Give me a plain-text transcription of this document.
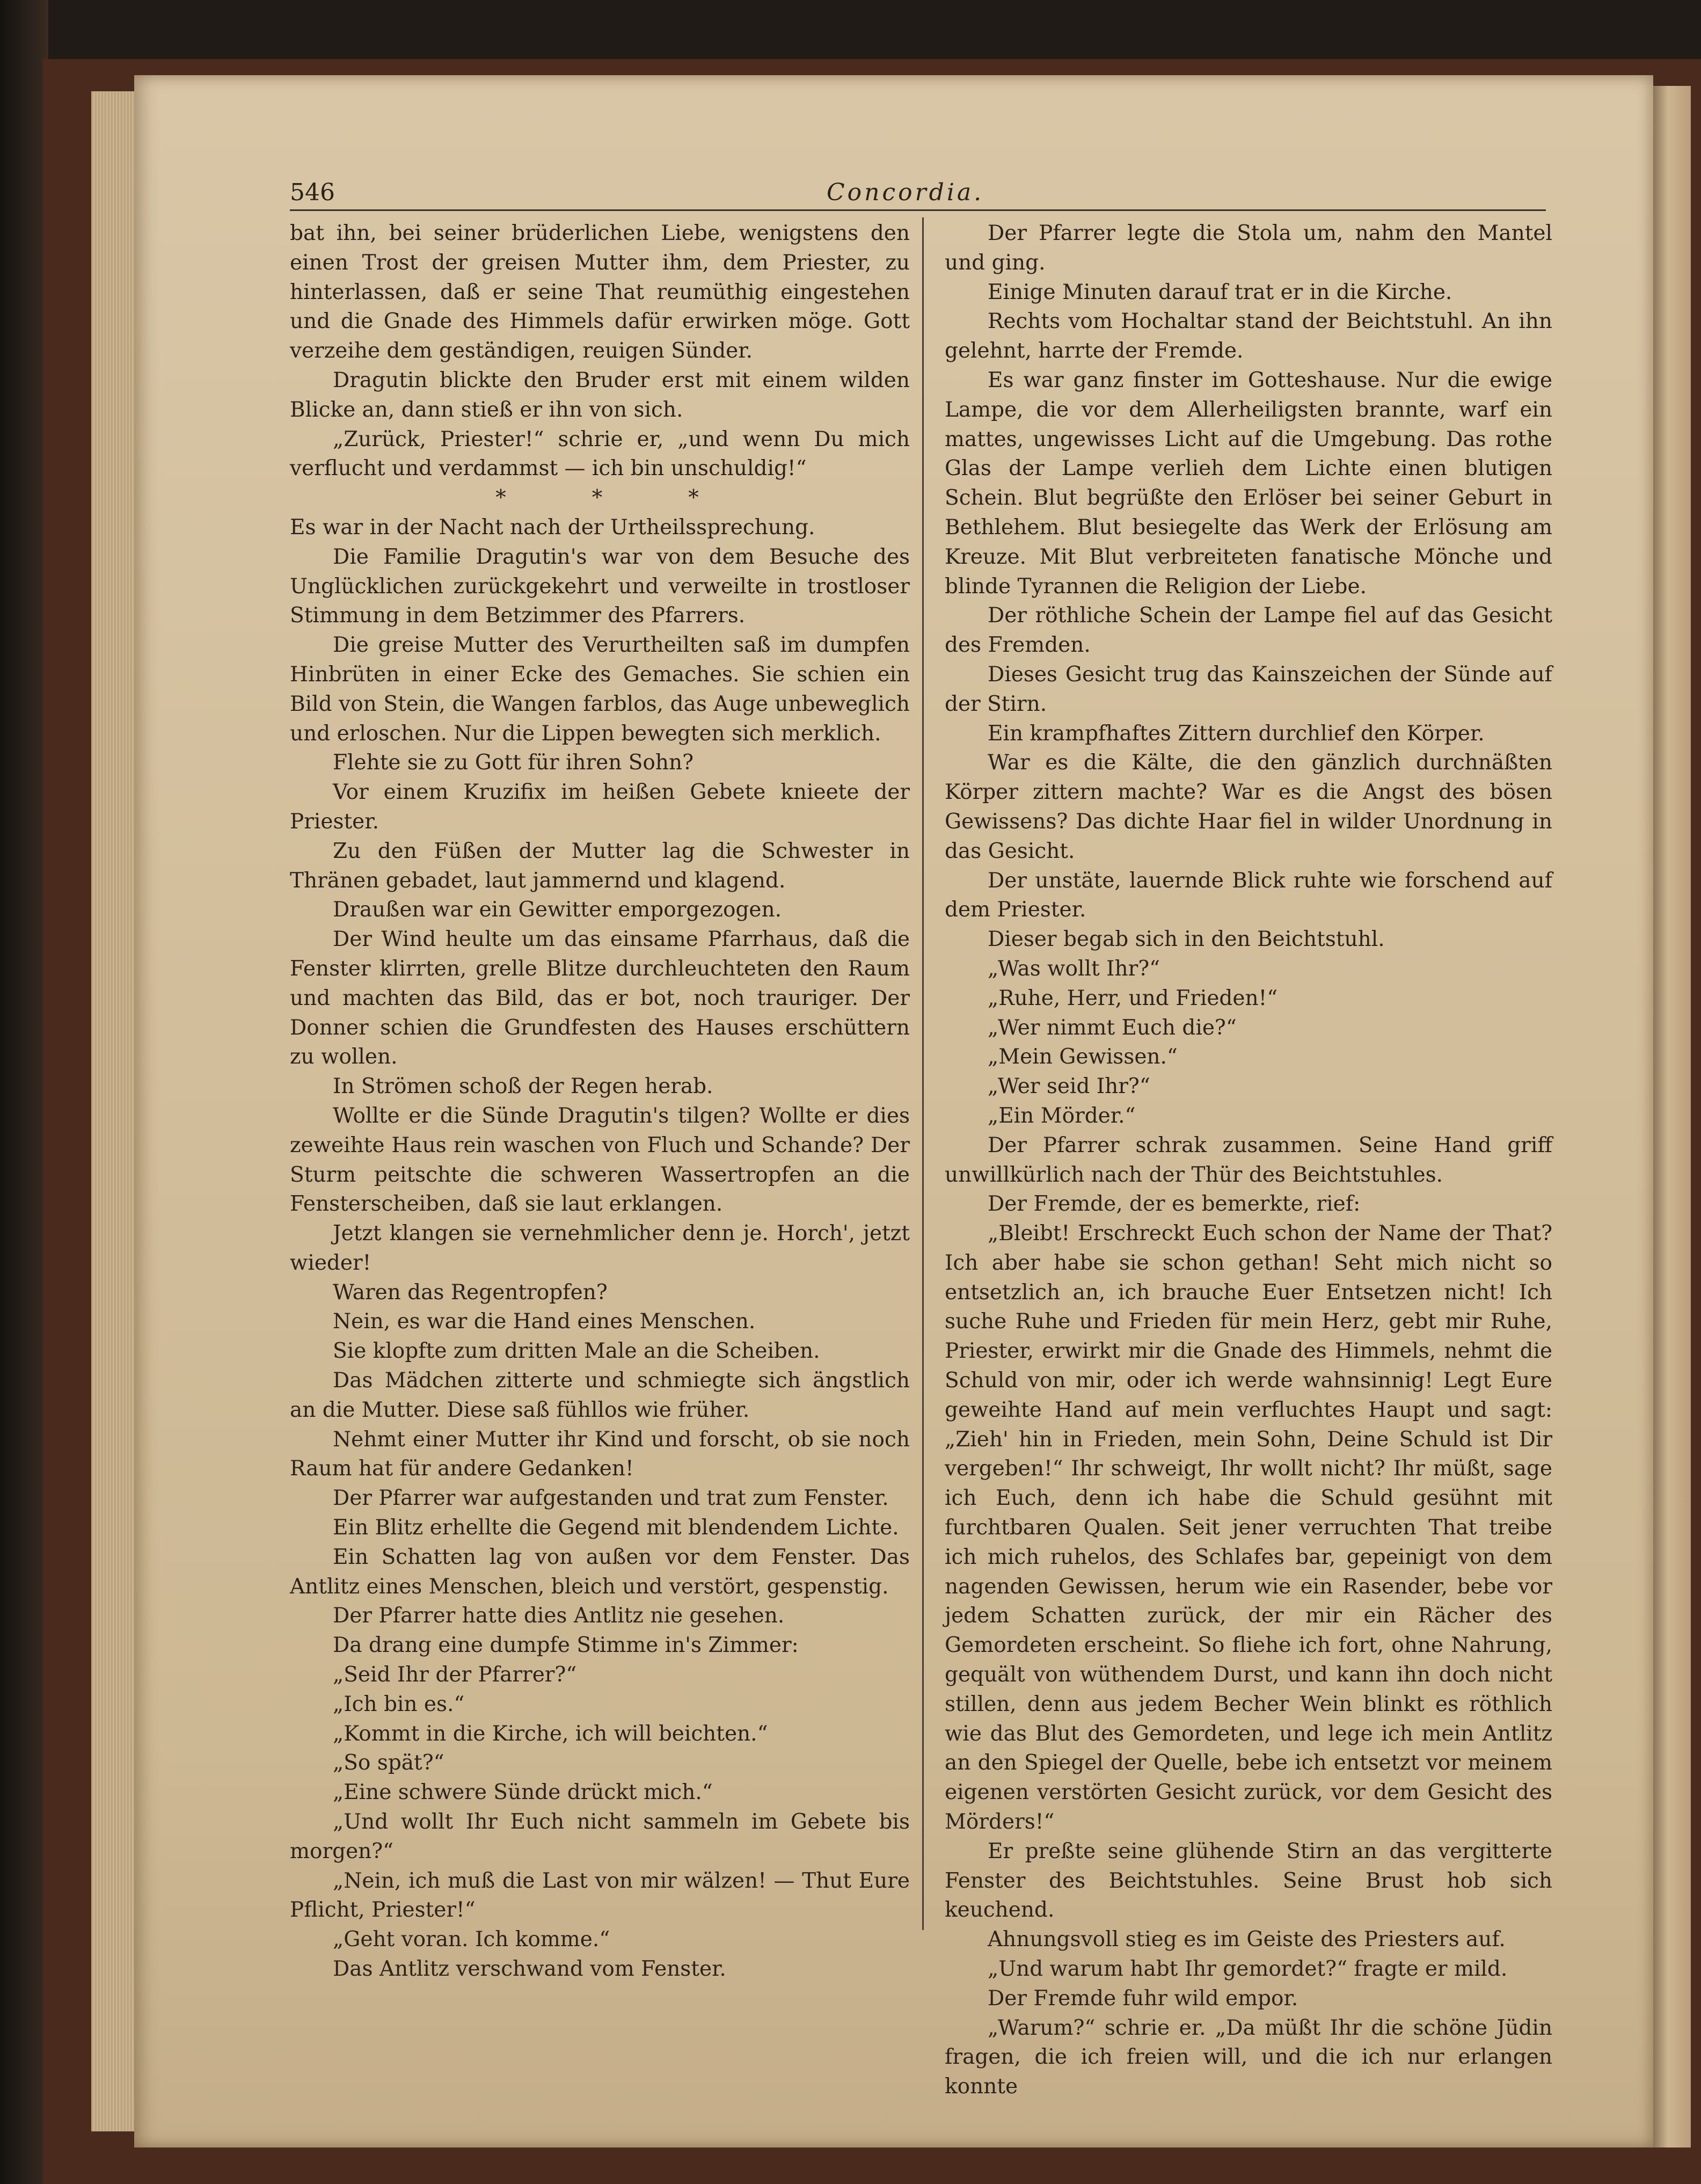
546	Concordia.

bat ihn, bei seiner brüderlichen Liebe, wenigstens den einen Trost der greisen Mutter ihm, dem Priester, zu hinterlassen, daß er seine That reumüthig eingestehen und die Gnade des Himmels dafür erwirken möge. Gott verzeihe dem geständigen, reuigen Sünder.

Dragutin blickte den Bruder erst mit einem wilden Blicke an, dann stieß er ihn von sich.

„Zurück, Priester!“ schrie er, „und wenn Du mich verflucht und verdammst — ich bin unschuldig!“

***

Es war in der Nacht nach der Urtheilssprechung.

Die Familie Dragutin's war von dem Besuche des Unglücklichen zurückgekehrt und verweilte in trostloser Stimmung in dem Betzimmer des Pfarrers.

Die greise Mutter des Verurtheilten saß im dumpfen Hinbrüten in einer Ecke des Gemaches. Sie schien ein Bild von Stein, die Wangen farblos, das Auge unbeweglich und erloschen. Nur die Lippen bewegten sich merklich.

Flehte sie zu Gott für ihren Sohn?

Vor einem Kruzifix im heißen Gebete knieete der Priester.

Zu den Füßen der Mutter lag die Schwester in Thränen gebadet, laut jammernd und klagend.

Draußen war ein Gewitter emporgezogen.

Der Wind heulte um das einsame Pfarrhaus, daß die Fenster klirrten, grelle Blitze durchleuchteten den Raum und machten das Bild, das er bot, noch trauriger. Der Donner schien die Grundfesten des Hauses erschüttern zu wollen.

In Strömen schoß der Regen herab.

Wollte er die Sünde Dragutin's tilgen? Wollte er dies zeweihte Haus rein waschen von Fluch und Schande? Der Sturm peitschte die schweren Wassertropfen an die Fensterscheiben, daß sie laut erklangen.

Jetzt klangen sie vernehmlicher denn je. Horch', jetzt wieder!

Waren das Regentropfen?

Nein, es war die Hand eines Menschen.

Sie klopfte zum dritten Male an die Scheiben.

Das Mädchen zitterte und schmiegte sich ängstlich an die Mutter. Diese saß fühllos wie früher.

Nehmt einer Mutter ihr Kind und forscht, ob sie noch Raum hat für andere Gedanken!

Der Pfarrer war aufgestanden und trat zum Fenster.

Ein Blitz erhellte die Gegend mit blendendem Lichte.

Ein Schatten lag von außen vor dem Fenster. Das Antlitz eines Menschen, bleich und verstört, gespenstig.

Der Pfarrer hatte dies Antlitz nie gesehen.

Da drang eine dumpfe Stimme in's Zimmer:

„Seid Ihr der Pfarrer?“

„Ich bin es.“

„Kommt in die Kirche, ich will beichten.“

„So spät?“

„Eine schwere Sünde drückt mich.“

„Und wollt Ihr Euch nicht sammeln im Gebete bis morgen?“

„Nein, ich muß die Last von mir wälzen! — Thut Eure Pflicht, Priester!“

„Geht voran. Ich komme.“

Das Antlitz verschwand vom Fenster.

Der Pfarrer legte die Stola um, nahm den Mantel und ging.

Einige Minuten darauf trat er in die Kirche.

Rechts vom Hochaltar stand der Beichtstuhl. An ihn gelehnt, harrte der Fremde.

Es war ganz finster im Gotteshause. Nur die ewige Lampe, die vor dem Allerheiligsten brannte, warf ein mattes, ungewisses Licht auf die Umgebung. Das rothe Glas der Lampe verlieh dem Lichte einen blutigen Schein. Blut begrüßte den Erlöser bei seiner Geburt in Bethlehem. Blut besiegelte das Werk der Erlösung am Kreuze. Mit Blut verbreiteten fanatische Mönche und blinde Tyrannen die Religion der Liebe.

Der röthliche Schein der Lampe fiel auf das Gesicht des Fremden.

Dieses Gesicht trug das Kainszeichen der Sünde auf der Stirn.

Ein krampfhaftes Zittern durchlief den Körper.

War es die Kälte, die den gänzlich durchnäßten Körper zittern machte? War es die Angst des bösen Gewissens? Das dichte Haar fiel in wilder Unordnung in das Gesicht.

Der unstäte, lauernde Blick ruhte wie forschend auf dem Priester.

Dieser begab sich in den Beichtstuhl.

„Was wollt Ihr?“

„Ruhe, Herr, und Frieden!“

„Wer nimmt Euch die?“

„Mein Gewissen.“

„Wer seid Ihr?“

„Ein Mörder.“

Der Pfarrer schrak zusammen. Seine Hand griff unwillkürlich nach der Thür des Beichtstuhles.

Der Fremde, der es bemerkte, rief:

„Bleibt! Erschreckt Euch schon der Name der That? Ich aber habe sie schon gethan! Seht mich nicht so entsetzlich an, ich brauche Euer Entsetzen nicht! Ich suche Ruhe und Frieden für mein Herz, gebt mir Ruhe, Priester, erwirkt mir die Gnade des Himmels, nehmt die Schuld von mir, oder ich werde wahnsinnig! Legt Eure geweihte Hand auf mein verfluchtes Haupt und sagt: „Zieh' hin in Frieden, mein Sohn, Deine Schuld ist Dir vergeben!“ Ihr schweigt, Ihr wollt nicht? Ihr müßt, sage ich Euch, denn ich habe die Schuld gesühnt mit furchtbaren Qualen. Seit jener verruchten That treibe ich mich ruhelos, des Schlafes bar, gepeinigt von dem nagenden Gewissen, herum wie ein Rasender, bebe vor jedem Schatten zurück, der mir ein Rächer des Gemordeten erscheint. So fliehe ich fort, ohne Nahrung, gequält von wüthendem Durst, und kann ihn doch nicht stillen, denn aus jedem Becher Wein blinkt es röthlich wie das Blut des Gemordeten, und lege ich mein Antlitz an den Spiegel der Quelle, bebe ich entsetzt vor meinem eigenen verstörten Gesicht zurück, vor dem Gesicht des Mörders!“

Er preßte seine glühende Stirn an das vergitterte Fenster des Beichtstuhles. Seine Brust hob sich keuchend.

Ahnungsvoll stieg es im Geiste des Priesters auf.

„Und warum habt Ihr gemordet?“ fragte er mild.

Der Fremde fuhr wild empor.

„Warum?“ schrie er. „Da müßt Ihr die schöne Jüdin fragen, die ich freien will, und die ich nur erlangen konnte
